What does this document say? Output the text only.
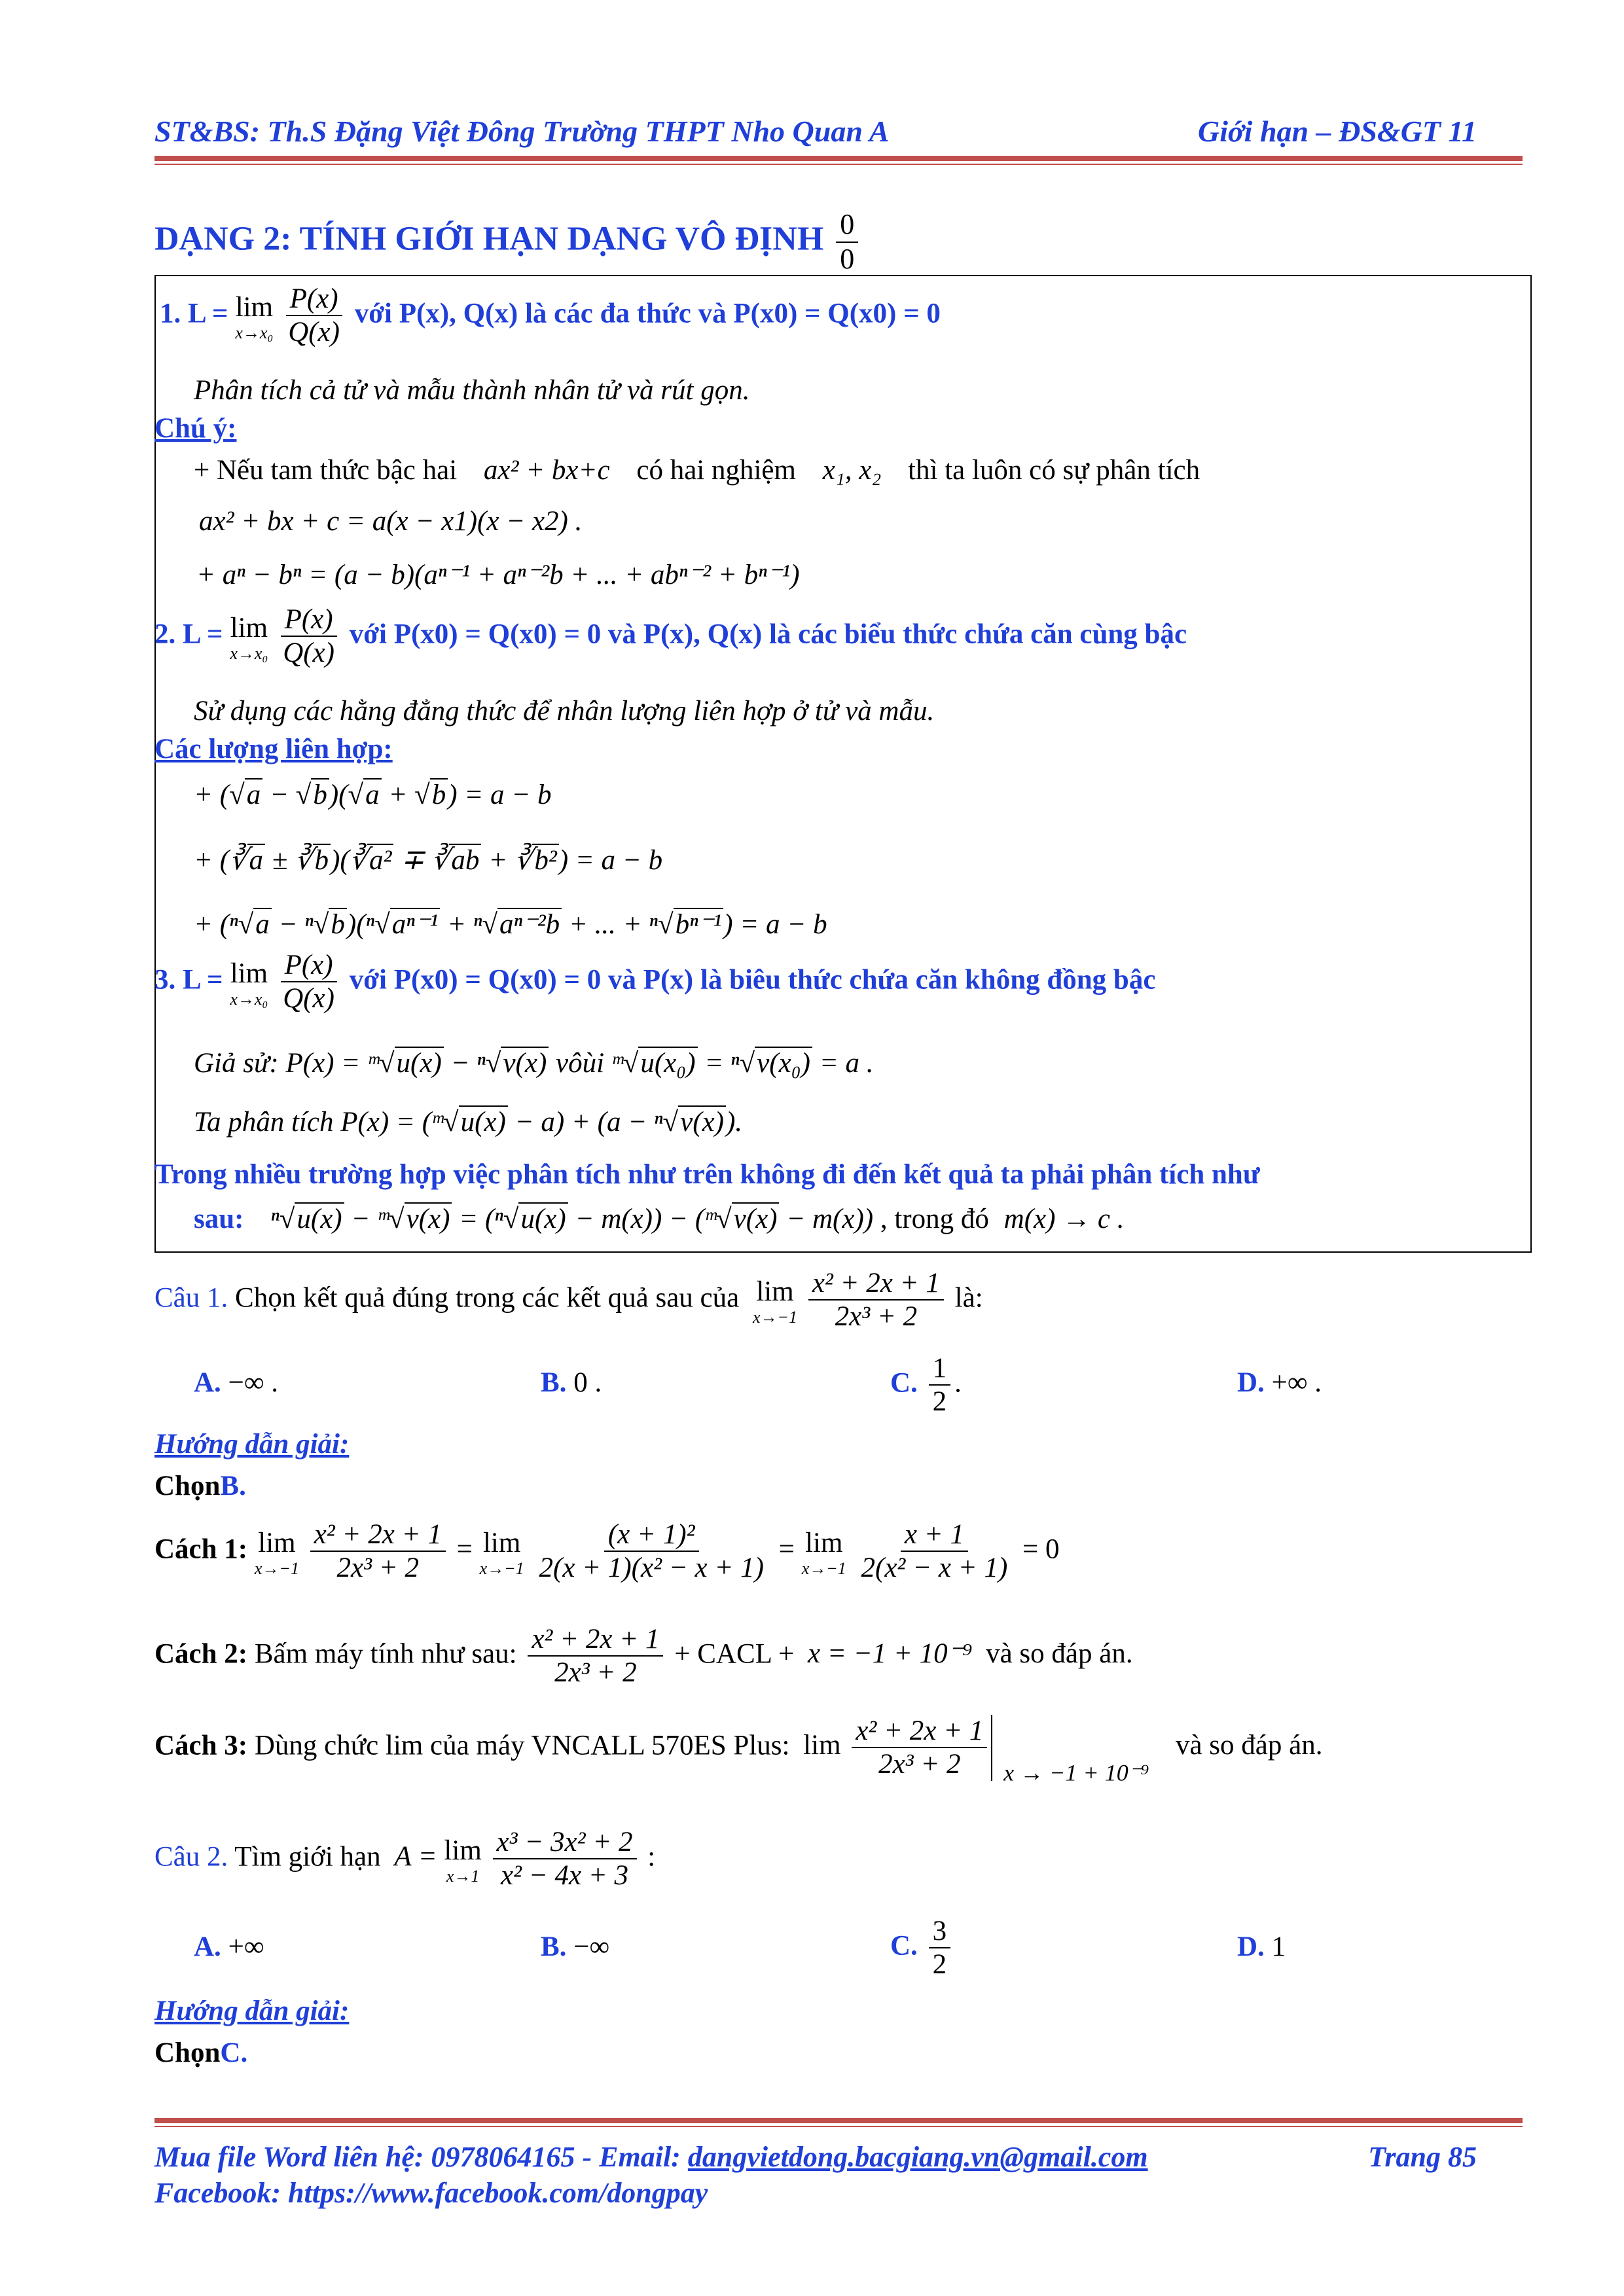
ST&BS: Th.S Đặng Việt Đông Trường THPT Nho Quan A	Giới hạn – ĐS&GT 11
DẠNG 2: TÍNH GIỚI HẠN DẠNG VÔ ĐỊNH $\frac{0}{0}$
1. L = lim
x→x₀
$\frac{P(x)}{Q(x)}$ với P(x), Q(x) là các đa thức và P(x0) = Q(x0) = 0
Phân tích cả tử và mẫu thành nhân tử và rút gọn.
Chú ý:
+ Nếu tam thức bậc hai ax² + bx+c có hai nghiệm x₁, x₂ thì ta luôn có sự phân tích
ax² + bx + c = a(x − x1)(x − x2) .
+ aⁿ − bⁿ = (a − b)(aⁿ⁻¹ + aⁿ⁻²b + ... + abⁿ⁻² + bⁿ⁻¹)
2. L = lim
x→x₀
$\frac{P(x)}{Q(x)}$ với P(x0) = Q(x0) = 0 và P(x), Q(x) là các biểu thức chứa căn cùng bậc
Sử dụng các hằng đẳng thức để nhân lượng liên hợp ở tử và mẫu.
Các lượng liên hợp:
+ (√a − √b)(√a + √b) = a − b
+ (∛a ± ∛b)(∛a² ∓ ∛ab + ∛b²) = a − b
+ (ⁿ√a − ⁿ√b)(ⁿ√aⁿ⁻¹ + ⁿ√aⁿ⁻²b + ... + ⁿ√bⁿ⁻¹) = a − b
3. L = lim
x→x₀
$\frac{P(x)}{Q(x)}$ với P(x0) = Q(x0) = 0 và P(x) là biêu thức chứa căn không đồng bậc
Giả sử: P(x) = ᵐ√u(x) − ⁿ√v(x) vôùi ᵐ√u(x₀) = ⁿ√v(x₀) = a .
Ta phân tích P(x) = (ᵐ√u(x) − a) + (a − ⁿ√v(x)).
Trong nhiều trường hợp việc phân tích như trên không đi đến kết quả ta phải phân tích như
sau: ⁿ√u(x) − ᵐ√v(x) = (ⁿ√u(x) − m(x)) − (ᵐ√v(x) − m(x)) , trong đó m(x) → c .
Câu 1. Chọn kết quả đúng trong các kết quả sau của lim
x→−1
$\frac{\text{x² + 2x + 1}}{\text{2x³ + 2}}$ là:
A. −∞ .	B. 0 .	C. $\frac{1}{2}$ .	D. +∞ .
Hướng dẫn giải:
ChọnB.
Cách 1: lim
x→−1
$\frac{\text{x² + 2x + 1}}{\text{2x³ + 2}} = \lim$
x→−1
$\frac{\text{(x + 1)²}}{\text{2(x + 1)(x² − x + 1)}} = \lim$
x→−1
$\frac{x + 1}{\text{2(x² − x + 1)}} = 0$
Cách 2: Bấm máy tính như sau: $\frac{\text{x² + 2x + 1}}{\text{2x³ + 2}}$ + CACL + x = −1 + 10⁻⁹ và so đáp án.
Cách 3: Dùng chức lim của máy VNCALL 570ES Plus: $\lim \frac{\text{x² + 2x + 1}}{\text{2x³ + 2}} _{x \to -1 + 10^{-9}}$ và so đáp án.
Câu 2. Tìm giới hạn A = lim
x→1
$\frac{\text{x³ − 3x² + 2}}{\text{x² − 4x + 3}}$ :
A. +∞	B. −∞	C. $\frac{3}{2}$	D. 1
Hướng dẫn giải:
ChọnC.
Mua file Word liên hệ: 0978064165 - Email: dangvietdong.bacgiang.vn@gmail.com	Trang 85
Facebook: https://www.facebook.com/dongpay
